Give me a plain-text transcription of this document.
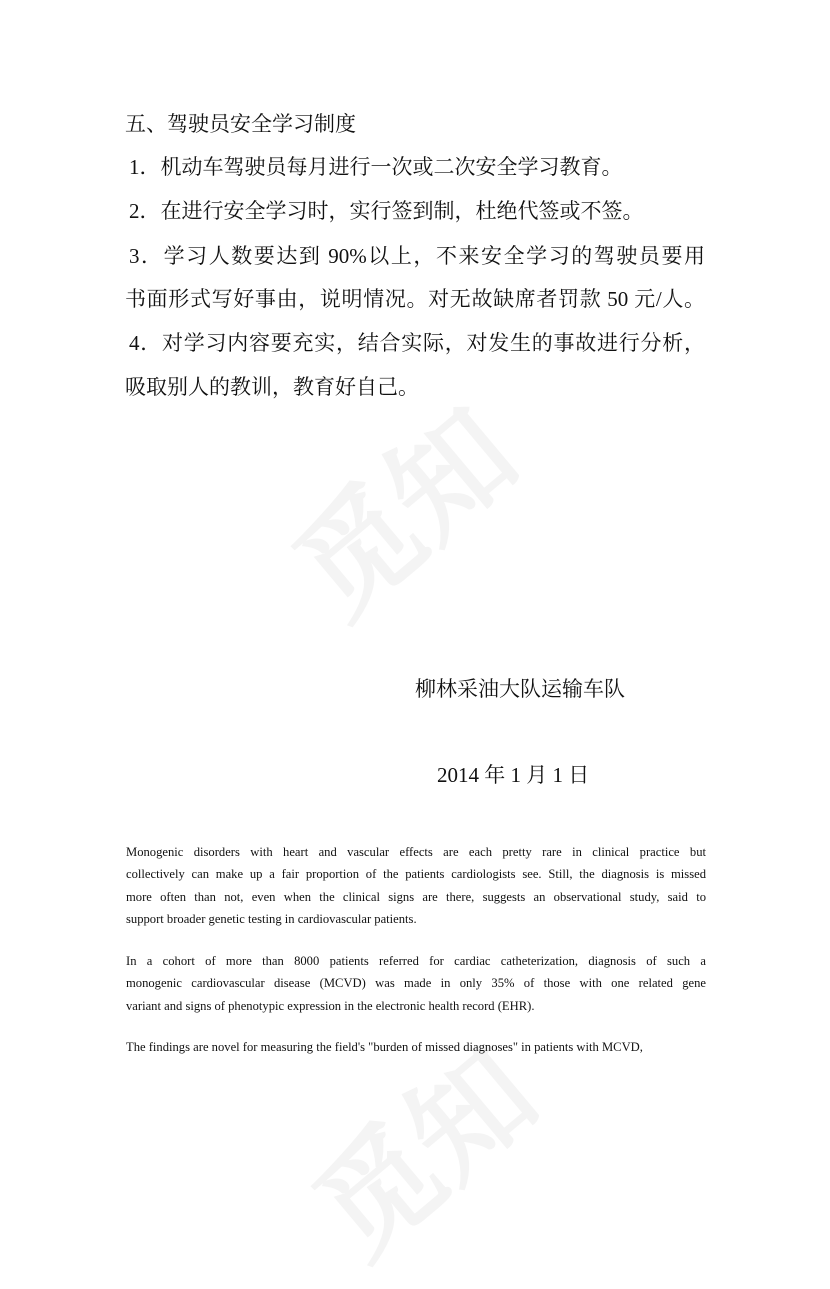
五、驾驶员安全学习制度
1．机动车驾驶员每月进行一次或二次安全学习教育。
2．在进行安全学习时，实行签到制，杜绝代签或不签。
3．学习人数要达到 90%以上，不来安全学习的驾驶员要用
书面形式写好事由，说明情况。对无故缺席者罚款 50 元/人。
4．对学习内容要充实，结合实际，对发生的事故进行分析，
吸取别人的教训，教育好自己。
柳林采油大队运输车队
2014 年 1 月 1 日
Monogenic disorders with heart and vascular effects are each pretty rare in clinical practice but
collectively can make up a fair proportion of the patients cardiologists see. Still, the diagnosis is missed
more often than not, even when the clinical signs are there, suggests an observational study, said to
support broader genetic testing in cardiovascular patients.
In a cohort of more than 8000 patients referred for cardiac catheterization, diagnosis of such a
monogenic cardiovascular disease (MCVD) was made in only 35% of those with one related gene
variant and signs of phenotypic expression in the electronic health record (EHR).
The findings are novel for measuring the field's "burden of missed diagnoses" in patients with MCVD,
